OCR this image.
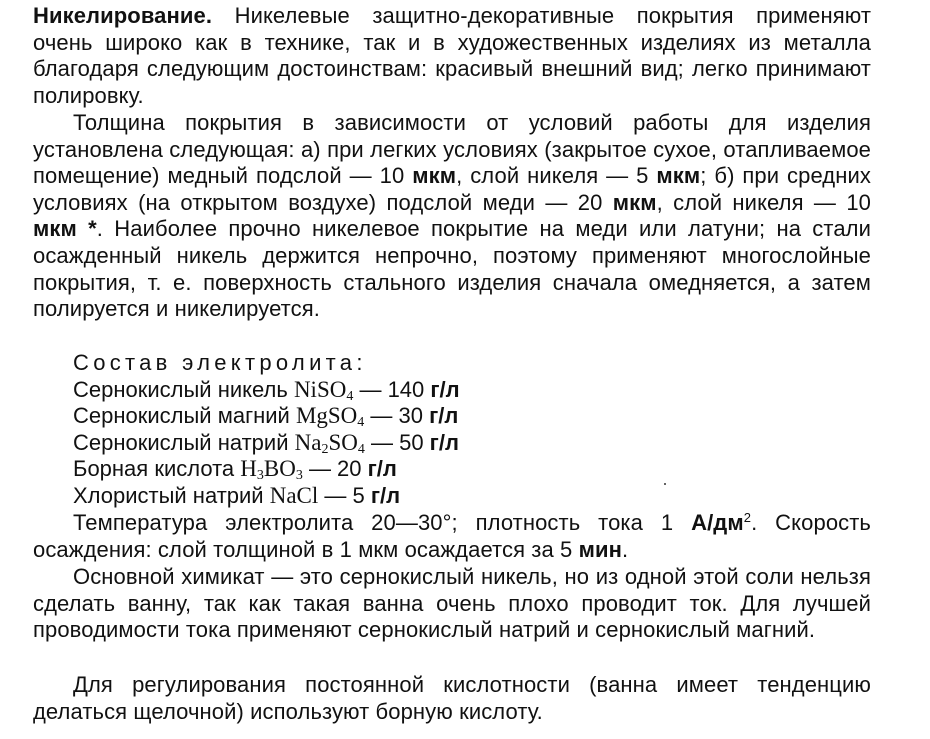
Никелирование. Никелевые защитно-декоративные покрытия применяют очень широко как в технике, так и в художественных изделиях из металла благодаря следующим достоинствам: красивый внешний вид; легко принимают полировку.

Толщина покрытия в зависимости от условий работы для изделия установлена следующая: а) при легких условиях (закрытое сухое, отапливаемое помещение) медный подслой — 10 мкм, слой никеля — 5 мкм; б) при средних условиях (на открытом воздухе) подслой меди — 20 мкм, слой никеля — 10 мкм *. Наиболее прочно никелевое покрытие на меди или латуни; на стали осажденный никель держится непрочно, поэтому применяют многослойные покрытия, т. е. поверхность стального изделия сначала омедняется, а затем полируется и никелируется.

Состав электролита:
Сернокислый никель NiSO$_4$ — 140 г/л
Сернокислый магний MgSO$_4$ — 30 г/л
Сернокислый натрий $Na_2SO_4$ — 50 г/л
Борная кислота $H_3BO_3$ — 20 г/л
Хлористый натрий NaCl — 5 г/л

Температура электролита 20—30°; плотность тока 1 $А/дм^2$. Скорость осаждения: слой толщиной в 1 мкм осаждается за 5 мин.

Основной химикат — это сернокислый никель, но из одной этой соли нельзя сделать ванну, так как такая ванна очень плохо проводит ток. Для лучшей проводимости тока применяют сернокислый натрий и сернокислый магний.

Для регулирования постоянной кислотности (ванна имеет тенденцию делаться щелочной) используют борную кислоту.
